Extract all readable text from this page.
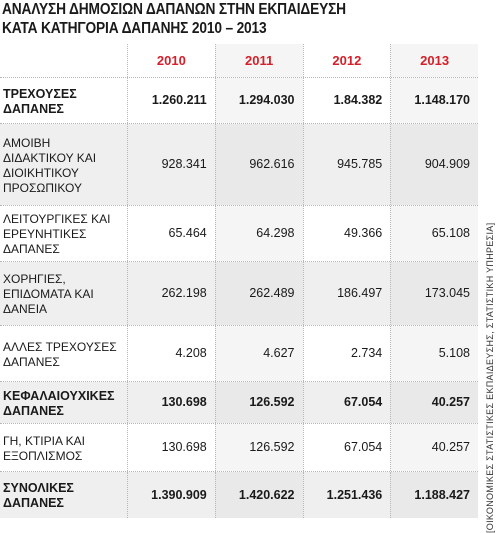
ΑΝΑΛΥΣΗ ΔΗΜΟΣΙΩΝ ΔΑΠΑΝΩΝ ΣΤΗΝ ΕΚΠΑΙΔΕΥΣΗ
ΚΑΤΑ ΚΑΤΗΓΟΡΙΑ ΔΑΠΑΝΗΣ 2010 – 2013
2010	2011	2012	2013
ΤΡΕΧΟΥΣΕΣ ΔΑΠΑΝΕΣ
1.260.211	1.294.030	1.84.382	1.148.170
ΑΜΟΙΒΗ ΔΙΔΑΚΤΙΚΟΥ ΚΑΙ ΔΙΟΙΚΗΤΙΚΟΥ ΠΡΟΣΩΠΙΚΟΥ
928.341	962.616	945.785	904.909
ΛΕΙΤΟΥΡΓΙΚΕΣ ΚΑΙ ΕΡΕΥΝΗΤΙΚΕΣ ΔΑΠΑΝΕΣ
65.464	64.298	49.366	65.108
ΧΟΡΗΓΙΕΣ, ΕΠΙΔΟΜΑΤΑ ΚΑΙ ΔΑΝΕΙΑ
262.198	262.489	186.497	173.045
ΑΛΛΕΣ ΤΡΕΧΟΥΣΕΣ ΔΑΠΑΝΕΣ
4.208	4.627	2.734	5.108
ΚΕΦΑΛΑΙΟΥΧΙΚΕΣ ΔΑΠΑΝΕΣ
130.698	126.592	67.054	40.257
ΓΗ, ΚΤΙΡΙΑ ΚΑΙ ΕΞΟΠΛΙΣΜΟΣ
130.698	126.592	67.054	40.257
ΣΥΝΟΛΙΚΕΣ ΔΑΠΑΝΕΣ
1.390.909	1.420.622	1.251.436	1.188.427	[ΟΙΚΟΝΟΜΙΚΕΣ ΣΤΑΤΙΣΤΙΚΕΣ ΕΚΠΑΙΔΕΥΣΗΣ, ΣΤΑΤΙΣΤΙΚΗ ΥΠΗΡΕΣΙΑ]
